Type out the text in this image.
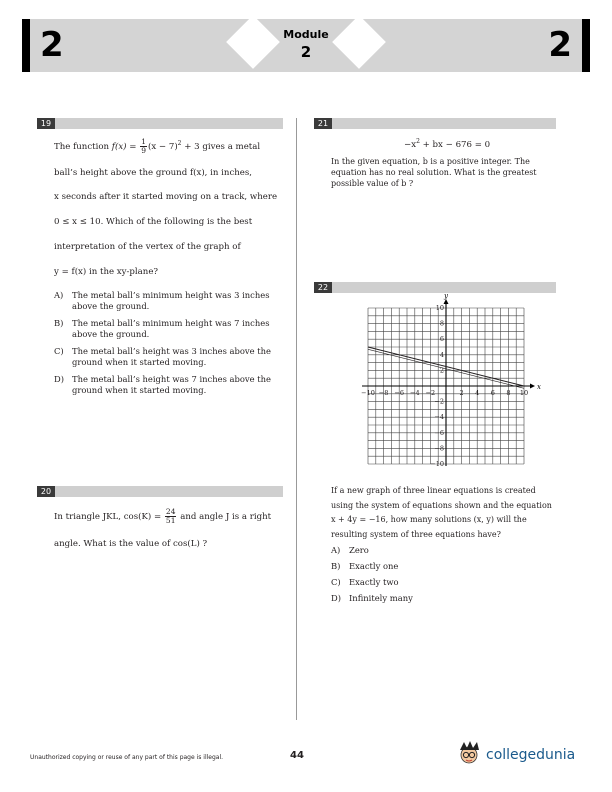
2	Module
2	2
19
The function $f(x) = \frac{1}{9} (x - 7)^2 + 3$ gives a metal
ball’s height above the ground f(x), in inches,
x seconds after it started moving on a track, where
0 ≤ x ≤ 10. Which of the following is the best
interpretation of the vertex of the graph of
y = f(x) in the xy-plane?
A) The metal ball’s minimum height was 3 inches above the ground.
B) The metal ball’s minimum height was 7 inches above the ground.
C) The metal ball’s height was 3 inches above the ground when it started moving.
D) The metal ball’s height was 7 inches above the ground when it started moving.
20
In triangle JKL, $\cos(K) = \frac{24}{51}$ and angle J is a right
angle. What is the value of cos(L) ?
21
$-x^2$ + bx − 676 = 0
In the given equation, b is a positive integer. The equation has no real solution. What is the greatest possible value of b ?
22
−10 −8 −6 −4 −2	2 4 6 8 10
10
8
6
4
2
−2
−4
−6
−8
−10
x
y
If a new graph of three linear equations is created using the system of equations shown and the equation x + 4y = −16, how many solutions (x, y) will the resulting system of three equations have?
A) Zero
B) Exactly one
C) Exactly two
D) Infinitely many
Unauthorized copying or reuse of any part of this page is illegal.	44	collegedunia
